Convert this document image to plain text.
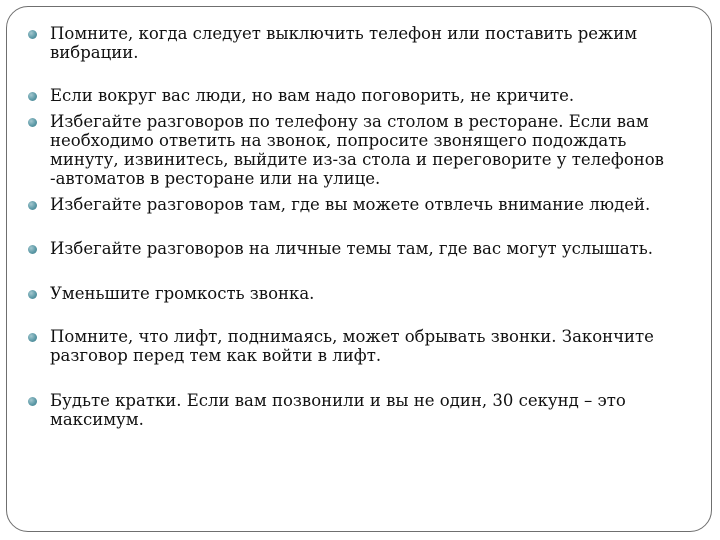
Помните, когда следует выключить телефон или поставить режим
вибрации.
Если вокруг вас люди, но вам надо поговорить, не кричите.
Избегайте разговоров по телефону за столом в ресторане. Если вам
необходимо ответить на звонок, попросите звонящего подождать
минуту, извинитесь, выйдите из-за стола и переговорите у телефонов
-автоматов в ресторане или на улице.
Избегайте разговоров там, где вы можете отвлечь внимание людей.
Избегайте разговоров на личные темы там, где вас могут услышать.
Уменьшите громкость звонка.
Помните, что лифт, поднимаясь, может обрывать звонки. Закончите
разговор перед тем как войти в лифт.
Будьте кратки. Если вам позвонили и вы не один, 30 секунд – это
максимум.
